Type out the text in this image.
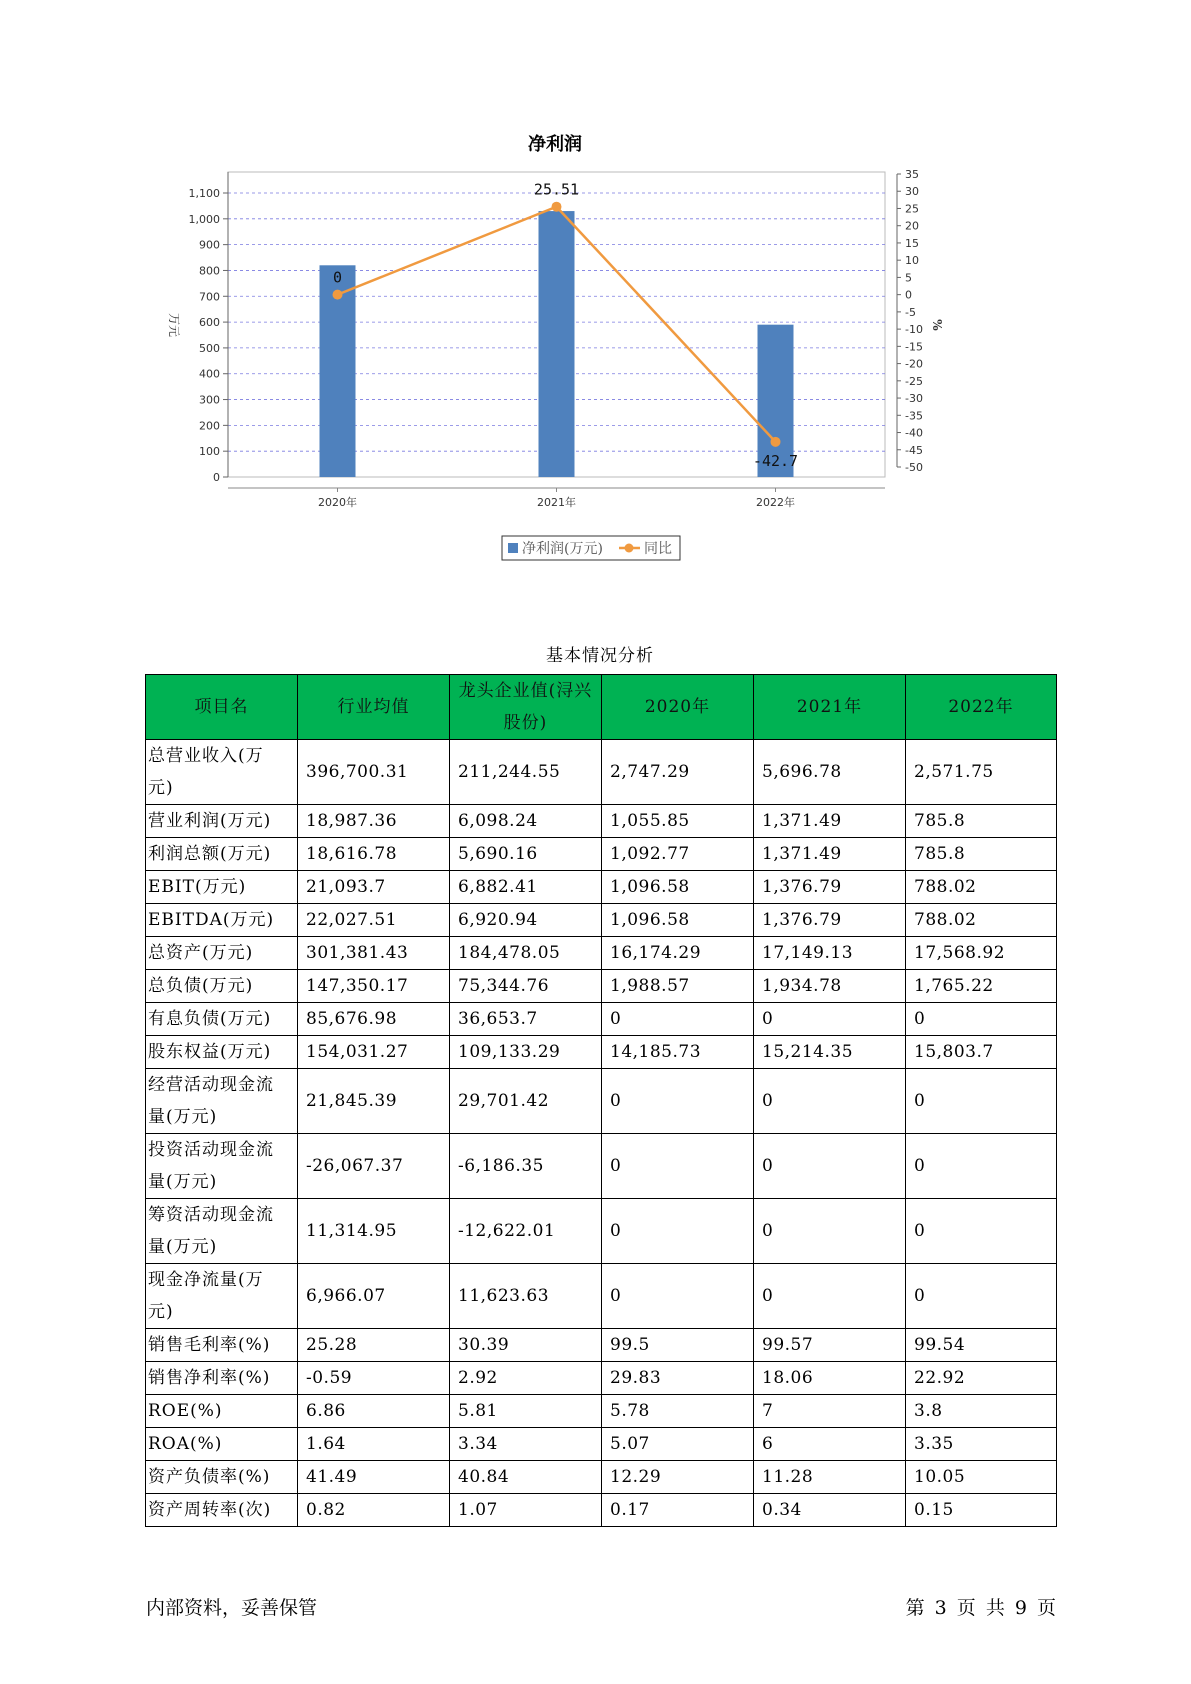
净利润
0
100
200
300
400
500
600
700
800
900
1,000
1,100
万元
35
30
25
20
15
10
5
0
-5
-10
-15
-20
-25
-30
-35
-40
-45
-50
%
2020年	2021年	2022年
0
25.51
-42.7
净利润(万元)	同比
基本情况分析
项目名	行业均值	龙头企业值(浔兴股份)	2020年	2021年	2022年
总营业收入(万元)	396,700.31	211,244.55	2,747.29	5,696.78	2,571.75
营业利润(万元)	18,987.36	6,098.24	1,055.85	1,371.49	785.8
利润总额(万元)	18,616.78	5,690.16	1,092.77	1,371.49	785.8
EBIT(万元)	21,093.7	6,882.41	1,096.58	1,376.79	788.02
EBITDA(万元)	22,027.51	6,920.94	1,096.58	1,376.79	788.02
总资产(万元)	301,381.43	184,478.05	16,174.29	17,149.13	17,568.92
总负债(万元)	147,350.17	75,344.76	1,988.57	1,934.78	1,765.22
有息负债(万元)	85,676.98	36,653.7	0	0	0
股东权益(万元)	154,031.27	109,133.29	14,185.73	15,214.35	15,803.7
经营活动现金流量(万元)	21,845.39	29,701.42	0	0	0
投资活动现金流量(万元)	-26,067.37	-6,186.35	0	0	0
筹资活动现金流量(万元)	11,314.95	-12,622.01	0	0	0
现金净流量(万元)	6,966.07	11,623.63	0	0	0
销售毛利率(%)	25.28	30.39	99.5	99.57	99.54
销售净利率(%)	-0.59	2.92	29.83	18.06	22.92
ROE(%)	6.86	5.81	5.78	7	3.8
ROA(%)	1.64	3.34	5.07	6	3.35
资产负债率(%)	41.49	40.84	12.29	11.28	10.05
资产周转率(次)	0.82	1.07	0.17	0.34	0.15
内部资料，妥善保管	第 3 页 共 9 页
